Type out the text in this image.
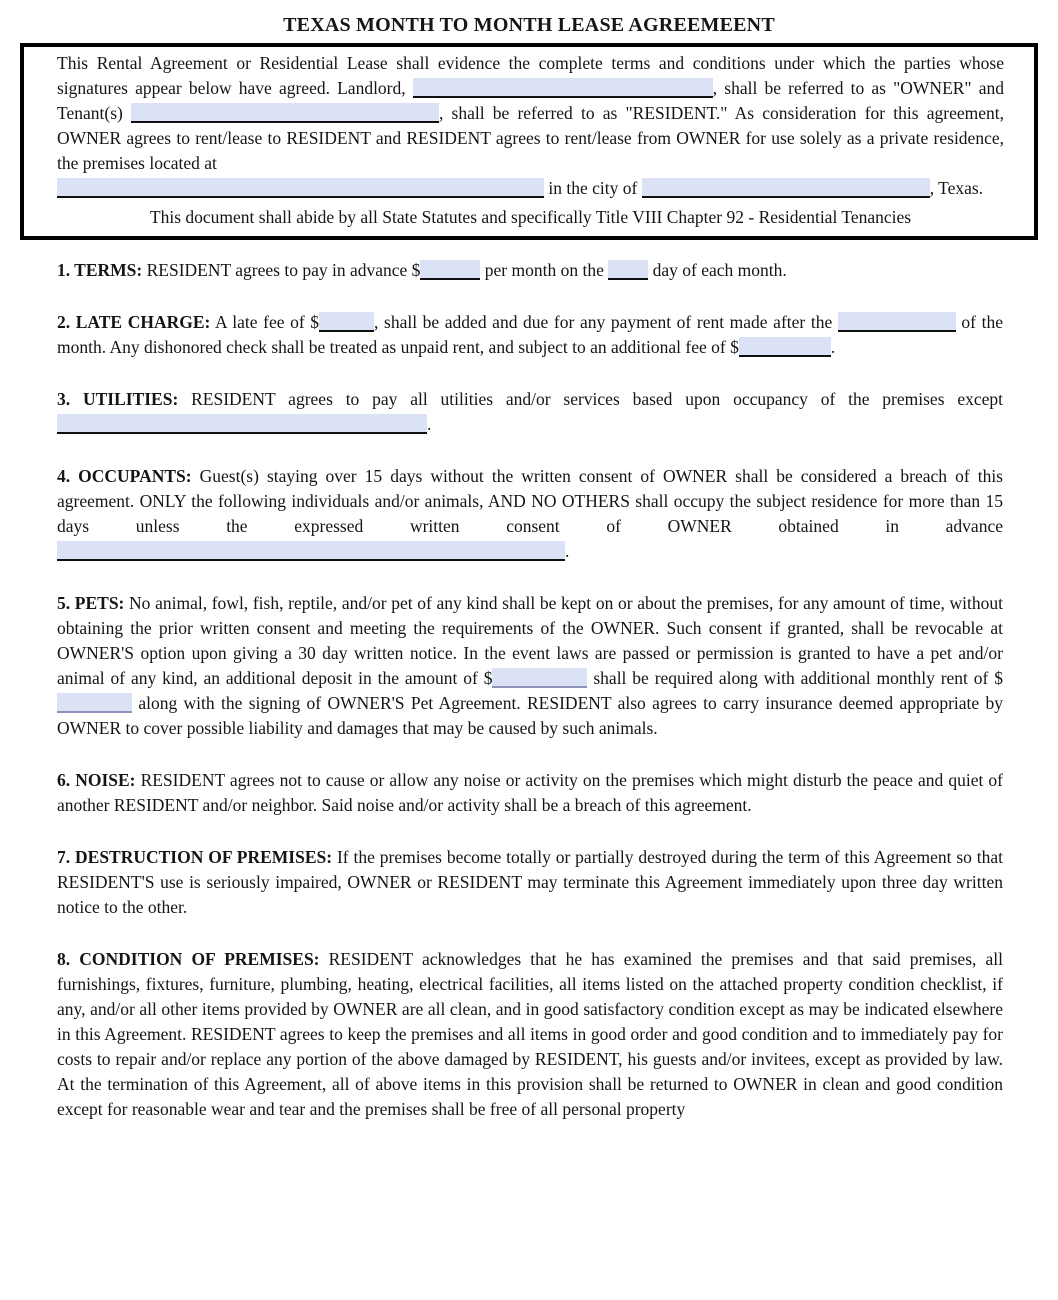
TEXAS MONTH TO MONTH LEASE AGREEMEENT

This Rental Agreement or Residential Lease shall evidence the complete terms and conditions under which the parties whose signatures appear below have agreed. Landlord,	, shall be referred to as "OWNER" and Tenant(s)	, shall be referred to as "RESIDENT." As consideration for this agreement, OWNER agrees to rent/lease to RESIDENT and RESIDENT agrees to rent/lease from OWNER for use solely as a private residence, the premises located at
in the city of	, Texas.

This document shall abide by all State Statutes and specifically Title VIII Chapter 92 - Residential Tenancies

1. TERMS: RESIDENT agrees to pay in advance $	per month on the  day of each month.

2. LATE CHARGE: A late fee of $	, shall be added and due for any payment of rent made after the	of the month. Any dishonored check shall be treated as unpaid rent, and subject to an additional fee of $	.

3. UTILITIES: RESIDENT agrees to pay all utilities and/or services based upon occupancy of the premises except .

4. OCCUPANTS: Guest(s) staying over 15 days without the written consent of OWNER shall be considered a breach of this agreement. ONLY the following individuals and/or animals, AND NO OTHERS shall occupy the subject residence for more than 15 days unless the expressed written consent of OWNER obtained in advance .

5. PETS: No animal, fowl, fish, reptile, and/or pet of any kind shall be kept on or about the premises, for any amount of time, without obtaining the prior written consent and meeting the requirements of the OWNER. Such consent if granted, shall be revocable at OWNER'S option upon giving a 30 day written notice. In the event laws are passed or permission is granted to have a pet and/or animal of any kind, an additional deposit in the amount of $	shall be required along with additional monthly rent of $ along with the signing of OWNER'S Pet Agreement. RESIDENT also agrees to carry insurance deemed appropriate by OWNER to cover possible liability and damages that may be caused by such animals.

6. NOISE: RESIDENT agrees not to cause or allow any noise or activity on the premises which might disturb the peace and quiet of another RESIDENT and/or neighbor. Said noise and/or activity shall be a breach of this agreement.

7. DESTRUCTION OF PREMISES: If the premises become totally or partially destroyed during the term of this Agreement so that RESIDENT'S use is seriously impaired, OWNER or RESIDENT may terminate this Agreement immediately upon three day written notice to the other.

8. CONDITION OF PREMISES: RESIDENT acknowledges that he has examined the premises and that said premises, all furnishings, fixtures, furniture, plumbing, heating, electrical facilities, all items listed on the attached property condition checklist, if any, and/or all other items provided by OWNER are all clean, and in good satisfactory condition except as may be indicated elsewhere in this Agreement. RESIDENT agrees to keep the premises and all items in good order and good condition and to immediately pay for costs to repair and/or replace any portion of the above damaged by RESIDENT, his guests and/or invitees, except as provided by law. At the termination of this Agreement, all of above items in this provision shall be returned to OWNER in clean and good condition except for reasonable wear and tear and the premises shall be free of all personal property
